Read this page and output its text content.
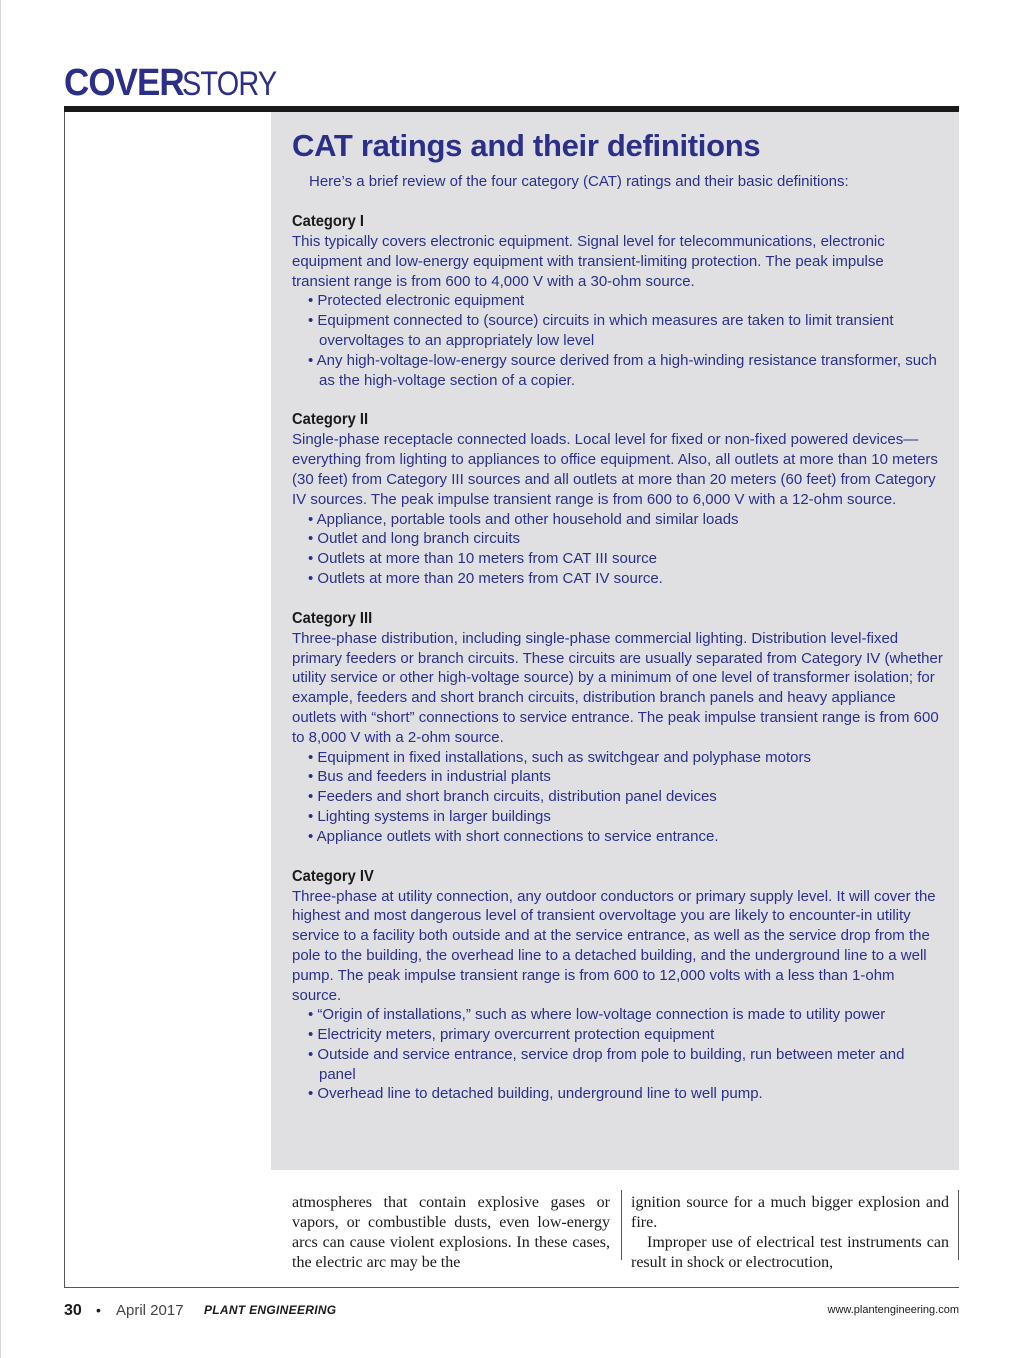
COVERSTORY
CAT ratings and their definitions
Here’s a brief review of the four category (CAT) ratings and their basic definitions:
Category I

This typically covers electronic equipment. Signal level for telecommunications, electronic equipment and low-energy equipment with transient-limiting protection. The peak impulse transient range is from 600 to 4,000 V with a 30-ohm source.

• Protected electronic equipment
• Equipment connected to (source) circuits in which measures are taken to limit transient overvoltages to an appropriately low level
• Any high-voltage-low-energy source derived from a high-winding resistance transformer, such as the high-voltage section of a copier.
Category II

Single-phase receptacle connected loads. Local level for fixed or non-fixed powered devices—everything from lighting to appliances to office equipment. Also, all outlets at more than 10 meters (30 feet) from Category III sources and all outlets at more than 20 meters (60 feet) from Category IV sources. The peak impulse transient range is from 600 to 6,000 V with a 12-ohm source.

• Appliance, portable tools and other household and similar loads
• Outlet and long branch circuits
• Outlets at more than 10 meters from CAT III source
• Outlets at more than 20 meters from CAT IV source.
Category III

Three-phase distribution, including single-phase commercial lighting. Distribution level-fixed primary feeders or branch circuits. These circuits are usually separated from Category IV (whether utility service or other high-voltage source) by a minimum of one level of transformer isolation; for example, feeders and short branch circuits, distribution branch panels and heavy appliance outlets with “short” connections to service entrance. The peak impulse transient range is from 600 to 8,000 V with a 2-ohm source.

• Equipment in fixed installations, such as switchgear and polyphase motors
• Bus and feeders in industrial plants
• Feeders and short branch circuits, distribution panel devices
• Lighting systems in larger buildings
• Appliance outlets with short connections to service entrance.
Category IV

Three-phase at utility connection, any outdoor conductors or primary supply level. It will cover the highest and most dangerous level of transient overvoltage you are likely to encounter-in utility service to a facility both outside and at the service entrance, as well as the service drop from the pole to the building, the overhead line to a detached building, and the underground line to a well pump. The peak impulse transient range is from 600 to 12,000 volts with a less than 1-ohm source.

• “Origin of installations,” such as where low-voltage connection is made to utility power
• Electricity meters, primary overcurrent protection equipment
• Outside and service entrance, service drop from pole to building, run between meter and panel
• Overhead line to detached building, underground line to well pump.

atmospheres that contain explosive gases or vapors, or combustible dusts, even low-energy arcs can cause violent explosions. In these cases, the electric arc may be the

ignition source for a much bigger explosion and fire.

Improper use of electrical test instruments can result in shock or electrocution,

30 • April 2017 PLANT ENGINEERING	www.plantengineering.com
